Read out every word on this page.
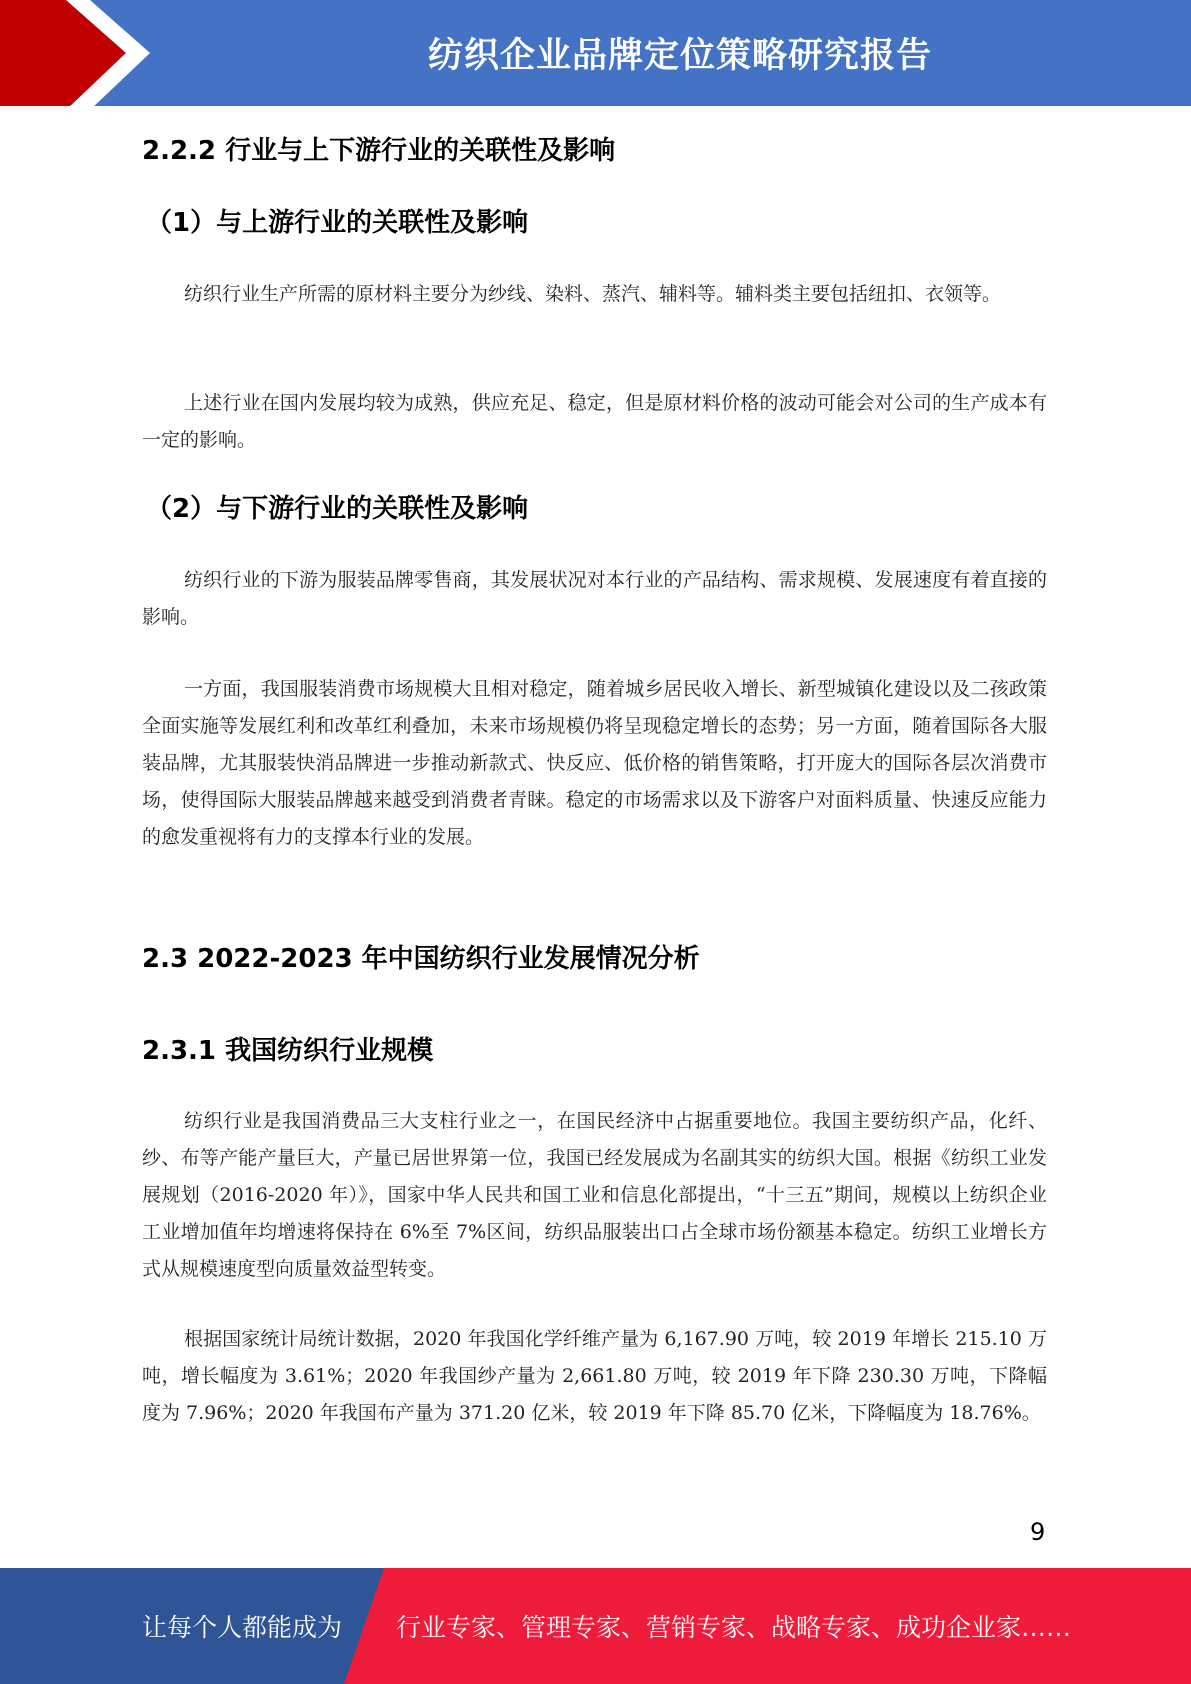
纺织企业品牌定位策略研究报告
2.2.2 行业与上下游行业的关联性及影响
（1）与上游行业的关联性及影响

纺织行业生产所需的原材料主要分为纱线、染料、蒸汽、辅料等。辅料类主要包括纽扣、衣领等。

上述行业在国内发展均较为成熟，供应充足、稳定，但是原材料价格的波动可能会对公司的生产成本有一定的影响。

（2）与下游行业的关联性及影响

纺织行业的下游为服装品牌零售商，其发展状况对本行业的产品结构、需求规模、发展速度有着直接的影响。

一方面，我国服装消费市场规模大且相对稳定，随着城乡居民收入增长、新型城镇化建设以及二孩政策全面实施等发展红利和改革红利叠加，未来市场规模仍将呈现稳定增长的态势；另一方面，随着国际各大服装品牌，尤其服装快消品牌进一步推动新款式、快反应、低价格的销售策略，打开庞大的国际各层次消费市场，使得国际大服装品牌越来越受到消费者青睐。稳定的市场需求以及下游客户对面料质量、快速反应能力的愈发重视将有力的支撑本行业的发展。

2.3 2022-2023 年中国纺织行业发展情况分析
2.3.1 我国纺织行业规模

纺织行业是我国消费品三大支柱行业之一，在国民经济中占据重要地位。我国主要纺织产品，化纤、纱、布等产能产量巨大，产量已居世界第一位，我国已经发展成为名副其实的纺织大国。根据《纺织工业发展规划（2016-2020 年）》，国家中华人民共和国工业和信息化部提出，“十三五”期间，规模以上纺织企业工业增加值年均增速将保持在 6%至 7%区间，纺织品服装出口占全球市场份额基本稳定。纺织工业增长方式从规模速度型向质量效益型转变。

根据国家统计局统计数据，2020 年我国化学纤维产量为 6,167.90 万吨，较 2019 年增长 215.10 万吨，增长幅度为 3.61%；2020 年我国纱产量为 2,661.80 万吨，较 2019 年下降 230.30 万吨，下降幅度为 7.96%；2020 年我国布产量为 371.20 亿米，较 2019 年下降 85.70 亿米，下降幅度为 18.76%。

9
让每个人都能成为 行业专家、管理专家、营销专家、战略专家、成功企业家……
